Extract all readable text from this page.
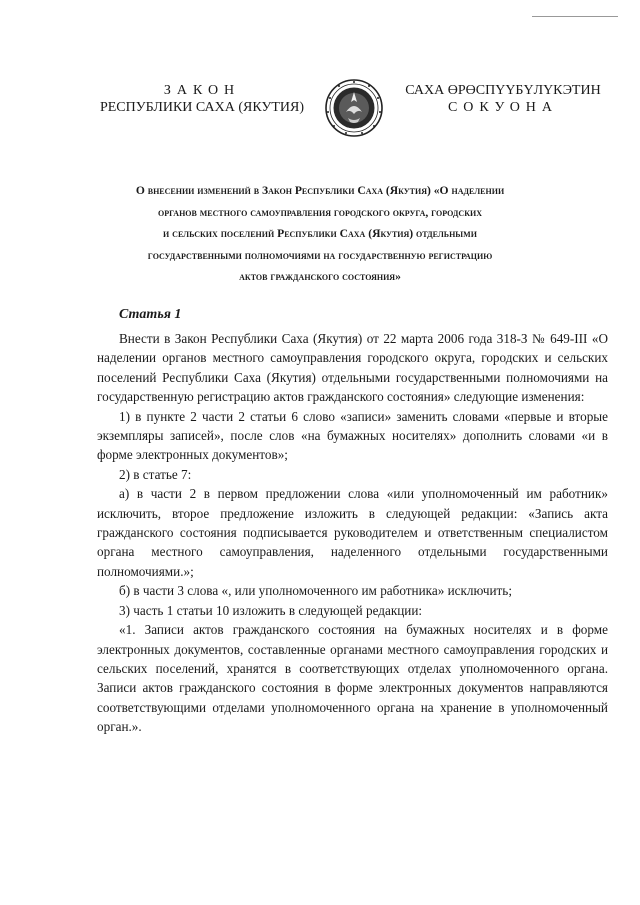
ЗАКОН
РЕСПУБЛИКИ САХА (ЯКУТИЯ)
САХА ӨРӨСПҮҮБҮЛҮКЭТИН
СОКУОНА
О внесении изменений в Закон Республики Саха (Якутия) «О наделении
органов местного самоуправления городского округа, городских
и сельских поселений Республики Саха (Якутия) отдельными
государственными полномочиями на государственную регистрацию
актов гражданского состояния»
Статья 1

Внести в Закон Республики Саха (Якутия) от 22 марта 2006 года 318-З № 649-III «О наделении органов местного самоуправления городского округа, городских и сельских поселений Республики Саха (Якутия) отдельными государственными полномочиями на государственную регистрацию актов гражданского состояния» следующие изменения:

1) в пункте 2 части 2 статьи 6 слово «записи» заменить словами «первые и вторые экземпляры записей», после слов «на бумажных носителях» дополнить словами «и в форме электронных документов»;

2) в статье 7:

а) в части 2 в первом предложении слова «или уполномоченный им работник» исключить, второе предложение изложить в следующей редакции: «Запись акта гражданского состояния подписывается руководителем и ответственным специалистом органа местного самоуправления, наделенного отдельными государственными полномочиями.»;

б) в части 3 слова «, или уполномоченного им работника» исключить;

3) часть 1 статьи 10 изложить в следующей редакции:

«1. Записи актов гражданского состояния на бумажных носителях и в форме электронных документов, составленные органами местного самоуправления городских и сельских поселений, хранятся в соответствующих отделах уполномоченного органа. Записи актов гражданского состояния в форме электронных документов направляются соответствующими отделами уполномоченного органа на хранение в уполномоченный орган.».
